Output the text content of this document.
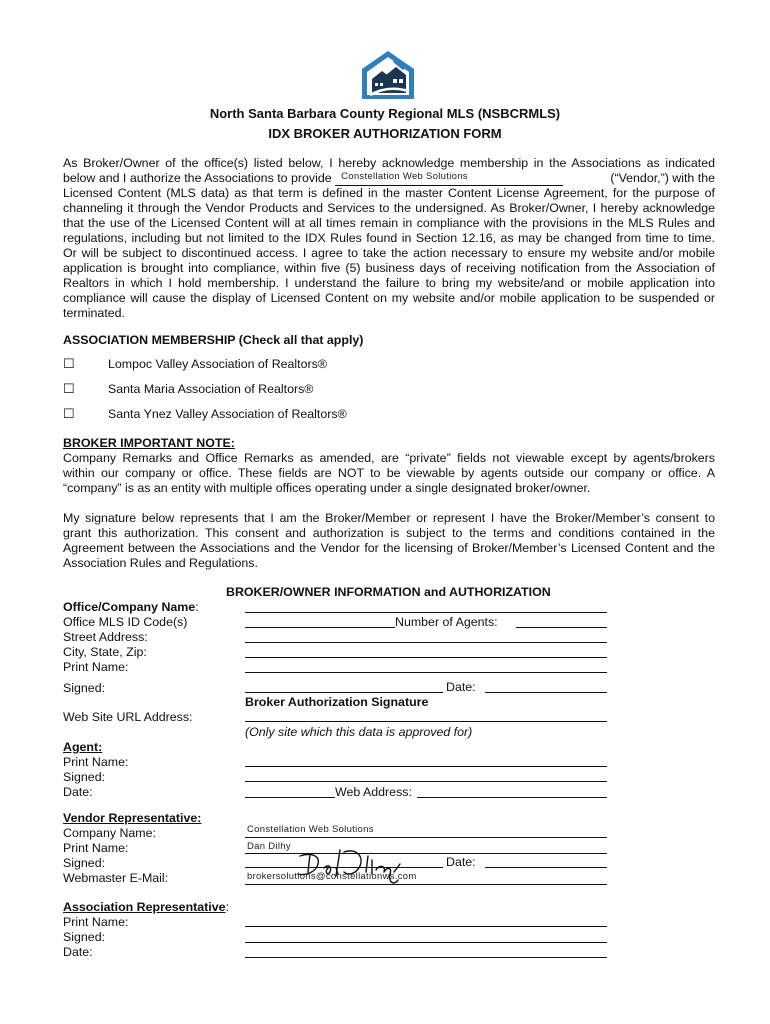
North Santa Barbara County Regional MLS (NSBCRMLS)
IDX BROKER AUTHORIZATION FORM
As Broker/Owner of the office(s) listed below, I hereby acknowledge membership in the Associations as indicated
below and I authorize the Associations to provide Constellation Web Solutions	(“Vendor,”) with the
Licensed Content (MLS data) as that term is defined in the master Content License Agreement, for the purpose of
channeling it through the Vendor Products and Services to the undersigned. As Broker/Owner, I hereby acknowledge
that the use of the Licensed Content will at all times remain in compliance with the provisions in the MLS Rules and
regulations, including but not limited to the IDX Rules found in Section 12.16, as may be changed from time to time.
Or will be subject to discontinued access. I agree to take the action necessary to ensure my website and/or mobile
application is brought into compliance, within five (5) business days of receiving notification from the Association of
Realtors in which I hold membership. I understand the failure to bring my website/and or mobile application into
compliance will cause the display of Licensed Content on my website and/or mobile application to be suspended or
terminated.
ASSOCIATION MEMBERSHIP (Check all that apply)
☐	Lompoc Valley Association of Realtors®
☐	Santa Maria Association of Realtors®
☐	Santa Ynez Valley Association of Realtors®
BROKER IMPORTANT NOTE:
Company Remarks and Office Remarks as amended, are “private” fields not viewable except by agents/brokers
within our company or office. These fields are NOT to be viewable by agents outside our company or office. A
“company” is as an entity with multiple offices operating under a single designated broker/owner.
My signature below represents that I am the Broker/Member or represent I have the Broker/Member’s consent to
grant this authorization. This consent and authorization is subject to the terms and conditions contained in the
Agreement between the Associations and the Vendor for the licensing of Broker/Member’s Licensed Content and the
Association Rules and Regulations.
BROKER/OWNER INFORMATION and AUTHORIZATION
Office/Company Name:
Office MLS ID Code(s)	Number of Agents:
Street Address:
City, State, Zip:
Print Name:
Signed:	Date:
Broker Authorization Signature
Web Site URL Address:
(Only site which this data is approved for)
Agent:
Print Name:
Signed:
Date:	Web Address:
Vendor Representative:
Company Name:	Constellation Web Solutions
Print Name:	Dan Dilhy
Signed:	Date:
Webmaster E-Mail:	brokersolutions@constellationws.com
Association Representative:
Print Name:
Signed:
Date:
